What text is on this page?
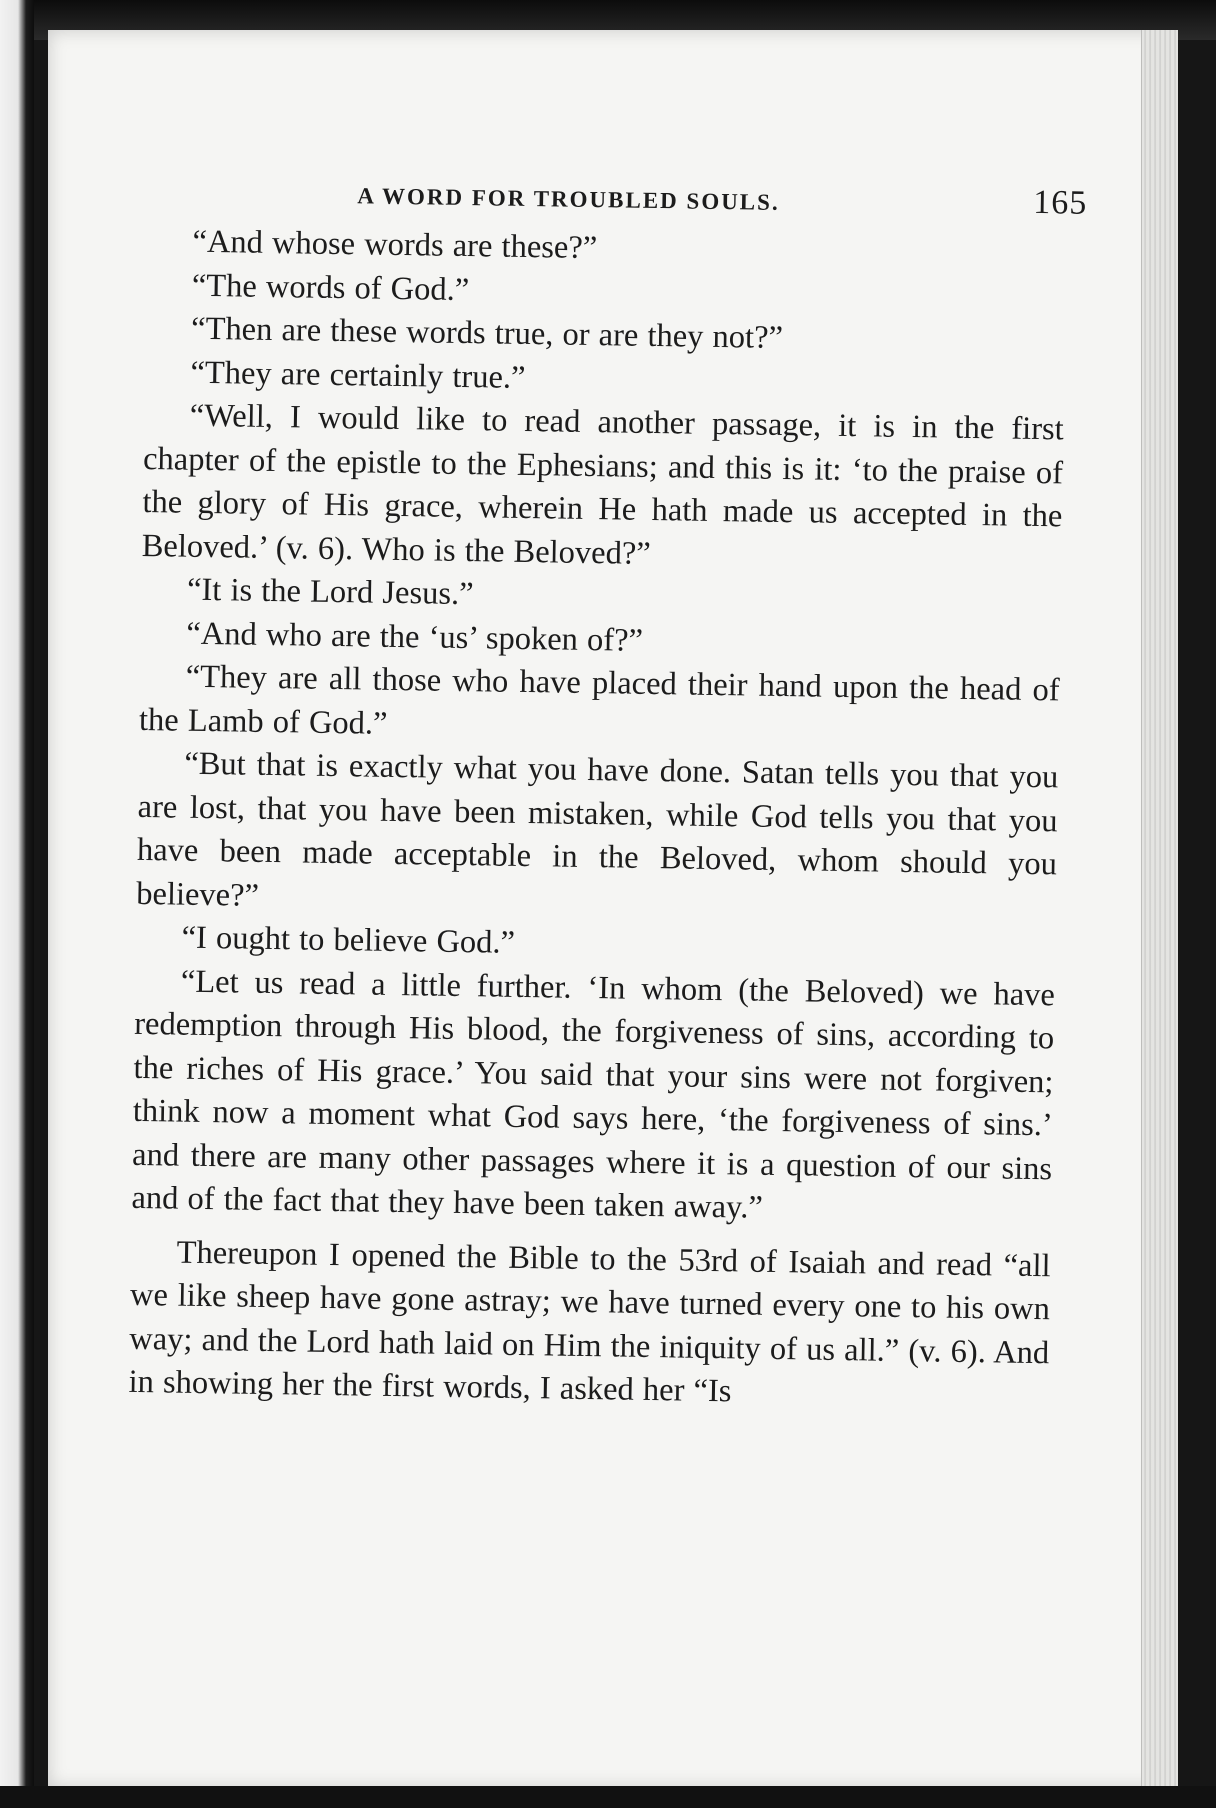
A WORD FOR TROUBLED SOULS.	165

“And whose words are these?”

“The words of God.”

“Then are these words true, or are they not?”

“They are certainly true.”

“Well, I would like to read another passage, it is in the first chapter of the epistle to the Ephesians; and this is it: ‘to the praise of the glory of His grace, wherein He hath made us accepted in the Beloved.’ (v. 6). Who is the Beloved?”

“It is the Lord Jesus.”

“And who are the ‘us’ spoken of?”

“They are all those who have placed their hand upon the head of the Lamb of God.”

“But that is exactly what you have done. Satan tells you that you are lost, that you have been mistaken, while God tells you that you have been made acceptable in the Beloved, whom should you believe?”

“I ought to believe God.”

“Let us read a little further. ‘In whom (the Beloved) we have redemption through His blood, the forgiveness of sins, according to the riches of His grace.’ You said that your sins were not forgiven; think now a moment what God says here, ‘the forgiveness of sins.’ and there are many other passages where it is a question of our sins and of the fact that they have been taken away.”

Thereupon I opened the Bible to the 53rd of Isaiah and read “all we like sheep have gone astray; we have turned every one to his own way; and the Lord hath laid on Him the iniquity of us all.” (v. 6). And in showing her the first words, I asked her “Is
